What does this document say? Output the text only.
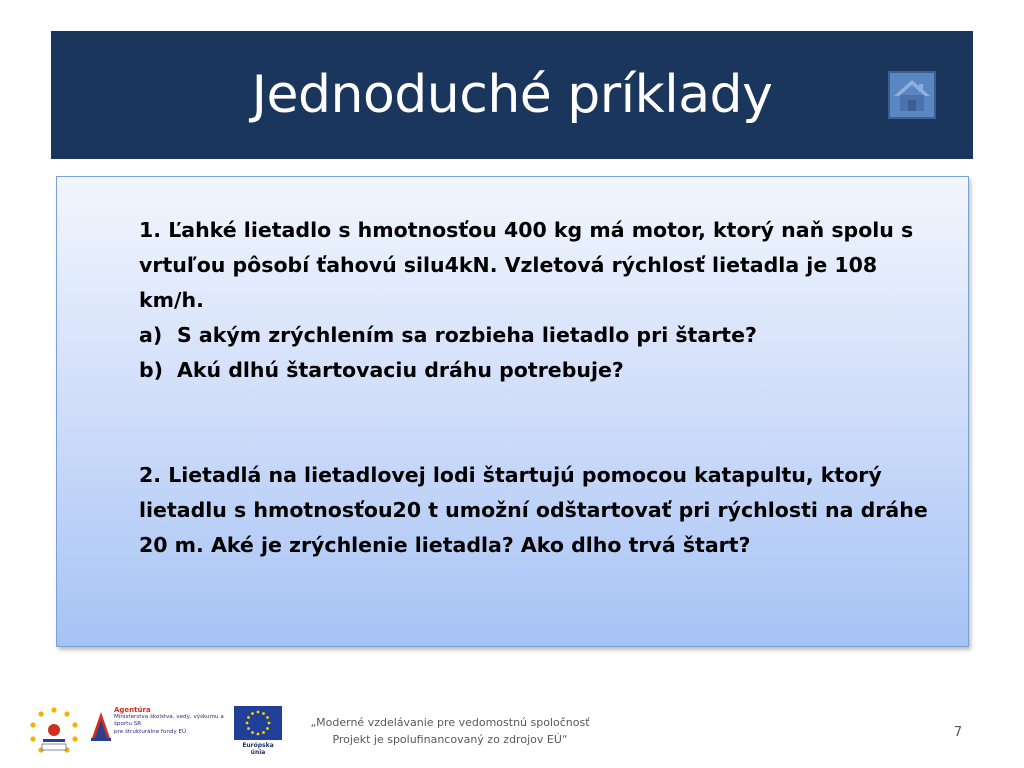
Jednoduché príklady

1. Ľahké lietadlo s hmotnosťou 400 kg má motor, ktorý naň spolu s vrtuľou pôsobí ťahovú silu4kN. Vzletová rýchlosť lietadla je 108 km/h.

a) S akým zrýchlením sa rozbieha lietadlo pri štarte?
b) Akú dlhú štartovaciu dráhu potrebuje?

2. Lietadlá na lietadlovej lodi štartujú pomocou katapultu, ktorý lietadlu s hmotnosťou20 t umožní odštartovať pri rýchlosti na dráhe 20 m. Aké je zrýchlenie lietadla? Ako dlho trvá štart?

Agentúra
Ministerstva školstva, vedy, výskumu a športu SR
pre štrukturálne fondy EÚ
Európska únia
„Moderné vzdelávanie pre vedomostnú spoločnosť
Projekt je spolufinancovaný zo zdrojov EÚ“	7
